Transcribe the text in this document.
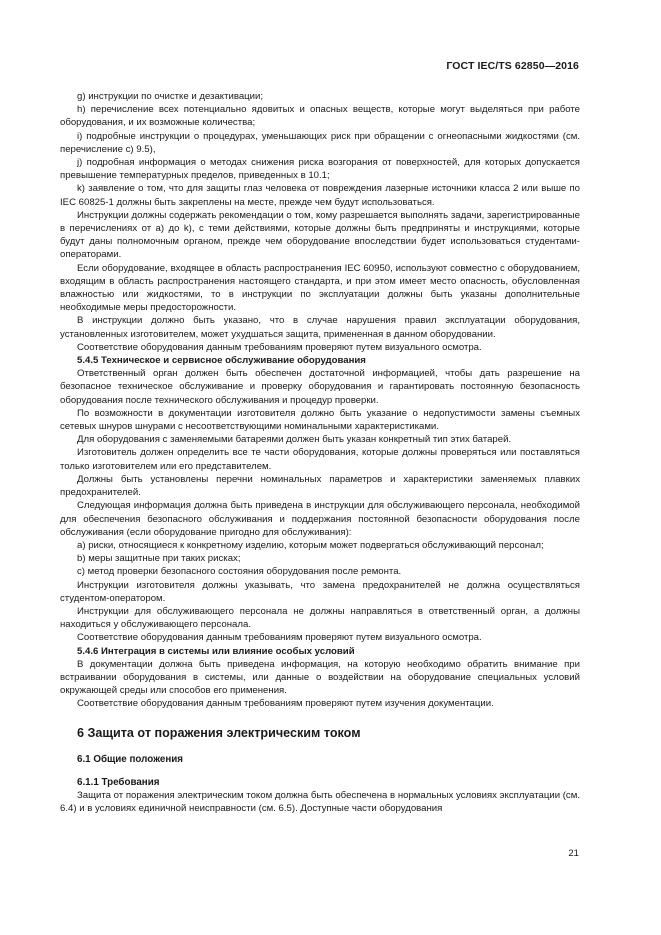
ГОСТ IEC/TS 62850—2016

g) инструкции по очистке и дезактивации;

h) перечисление всех потенциально ядовитых и опасных веществ, которые могут выделяться при работе оборудования, и их возможные количества;

i) подробные инструкции о процедурах, уменьшающих риск при обращении с огнеопасными жидкостями (см. перечисление с) 9.5),

j) подробная информация о методах снижения риска возгорания от поверхностей, для которых допускается превышение температурных пределов, приведенных в 10.1;

k) заявление о том, что для защиты глаз человека от повреждения лазерные источники класса 2 или выше по IEC 60825-1 должны быть закреплены на месте, прежде чем будут использоваться.

Инструкции должны содержать рекомендации о том, кому разрешается выполнять задачи, зарегистрированные в перечислениях от а) до k), с теми действиями, которые должны быть предприняты и инструкциями, которые будут даны полномочным органом, прежде чем оборудование впоследствии будет использоваться студентами-операторами.

Если оборудование, входящее в область распространения IEC 60950, используют совместно с оборудованием, входящим в область распространения настоящего стандарта, и при этом имеет место опасность, обусловленная влажностью или жидкостями, то в инструкции по эксплуатации должны быть указаны дополнительные необходимые меры предосторожности.

В инструкции должно быть указано, что в случае нарушения правил эксплуатации оборудования, установленных изготовителем, может ухудшаться защита, примененная в данном оборудовании.

Соответствие оборудования данным требованиям проверяют путем визуального осмотра.

5.4.5 Техническое и сервисное обслуживание оборудования

Ответственный орган должен быть обеспечен достаточной информацией, чтобы дать разрешение на безопасное техническое обслуживание и проверку оборудования и гарантировать постоянную безопасность оборудования после технического обслуживания и процедур проверки.

По возможности в документации изготовителя должно быть указание о недопустимости замены съемных сетевых шнуров шнурами с несоответствующими номинальными характеристиками.

Для оборудования с заменяемыми батареями должен быть указан конкретный тип этих батарей.

Изготовитель должен определить все те части оборудования, которые должны проверяться или поставляться только изготовителем или его представителем.

Должны быть установлены перечни номинальных параметров и характеристики заменяемых плавких предохранителей.

Следующая информация должна быть приведена в инструкции для обслуживающего персонала, необходимой для обеспечения безопасного обслуживания и поддержания постоянной безопасности оборудования после обслуживания (если оборудование пригодно для обслуживания):

а) риски, относящиеся к конкретному изделию, которым может подвергаться обслуживающий персонал;

b) меры защитные при таких рисках;

с) метод проверки безопасного состояния оборудования после ремонта.

Инструкции изготовителя должны указывать, что замена предохранителей не должна осуществляться студентом-оператором.

Инструкции для обслуживающего персонала не должны направляться в ответственный орган, а должны находиться у обслуживающего персонала.

Соответствие оборудования данным требованиям проверяют путем визуального осмотра.

5.4.6 Интеграция в системы или влияние особых условий

В документации должна быть приведена информация, на которую необходимо обратить внимание при встраивании оборудования в системы, или данные о воздействии на оборудование специальных условий окружающей среды или способов его применения.

Соответствие оборудования данным требованиям проверяют путем изучения документации.

6 Защита от поражения электрическим током

6.1 Общие положения

6.1.1 Требования

Защита от поражения электрическим током должна быть обеспечена в нормальных условиях эксплуатации (см. 6.4) и в условиях единичной неисправности (см. 6.5). Доступные части оборудования

21
